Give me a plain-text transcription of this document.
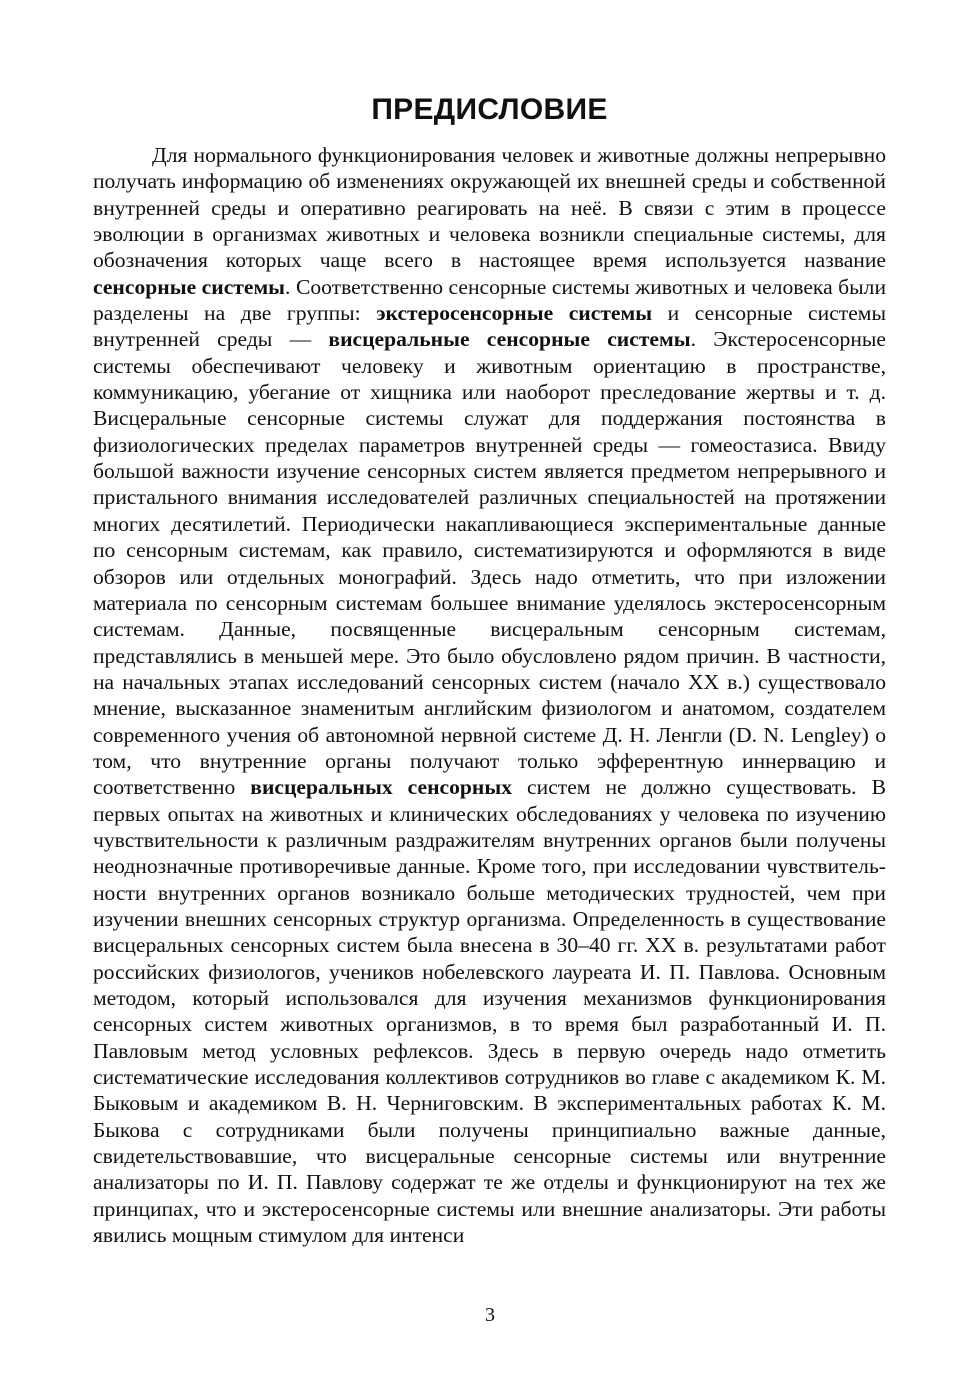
ПРЕДИСЛОВИЕ

Для нормального функционирования человек и животные должны непрерывно получать информацию об изменениях окружающей их внешней среды и собственной внутренней среды и оперативно реагировать на неё. В связи с этим в процессе эволюции в организмах животных и человека возникли специальные системы, для обозначения которых чаще всего в настоящее время используется название сенсорные системы. Соответственно сенсорные системы животных и человека были разделены на две группы: экстеросенсорные системы и сенсорные системы внутренней среды — висцеральные сенсорные системы. Экстеросенсорные системы обеспечивают человеку и животным ориентацию в пространстве, коммуникацию, убегание от хищника или наоборот преследование жертвы и т. д. Висцеральные сенсорные системы служат для поддержания постоянства в физиологических пределах параметров внутренней среды — гомеостазиса. Ввиду большой важности изучение сенсорных систем является предметом непрерывного и пристального внимания исследователей различных специальностей на протяжении многих десятилетий. Периодически накапливающиеся экспериментальные данные по сенсорным системам, как правило, систематизируются и оформляются в виде обзоров или отдельных монографий. Здесь надо отметить, что при изложении материала по сенсорным системам большее внимание уделялось экстеросенсорным системам. Данные, посвященные висцеральным сенсорным системам, представлялись в меньшей мере. Это было обусловлено рядом причин. В частности, на начальных этапах исследований сенсорных систем (начало XX в.) существовало мнение, высказанное знаменитым английским физиологом и анатомом, создателем современного учения об автономной нервной системе Д. Н. Ленгли (D. N. Lengley) о том, что внутренние органы получают только эфферентную иннервацию и соответственно висцеральных сенсорных систем не должно существовать. В первых опытах на животных и клинических обследованиях у человека по изучению чувствительности к различным раздражителям внутренних органов были получены неоднозначные противоречивые данные. Кроме того, при исследовании чувствительности внутренних органов возникало больше методических трудностей, чем при изучении внешних сенсорных структур организма. Определенность в существование висцеральных сенсорных систем была внесена в 30–40 гг. XX в. результатами работ российских физиологов, учеников нобелевского лауреата И. П. Павлова. Основным методом, который использовался для изучения механизмов функционирования сенсорных систем животных организмов, в то время был разработанный И. П. Павловым метод условных рефлексов. Здесь в первую очередь надо отметить систематические исследования коллективов сотрудников во главе с академиком К. М. Быковым и академиком В. Н. Черниговским. В экспериментальных работах К. М. Быкова с сотрудниками были получены принципиально важные данные, свидетельствовавшие, что висцеральные сенсорные системы или внутренние анализаторы по И. П. Павлову содержат те же отделы и функционируют на тех же принципах, что и экстеросенсорные системы или внешние анализаторы. Эти работы явились мощным стимулом для интенси

3
